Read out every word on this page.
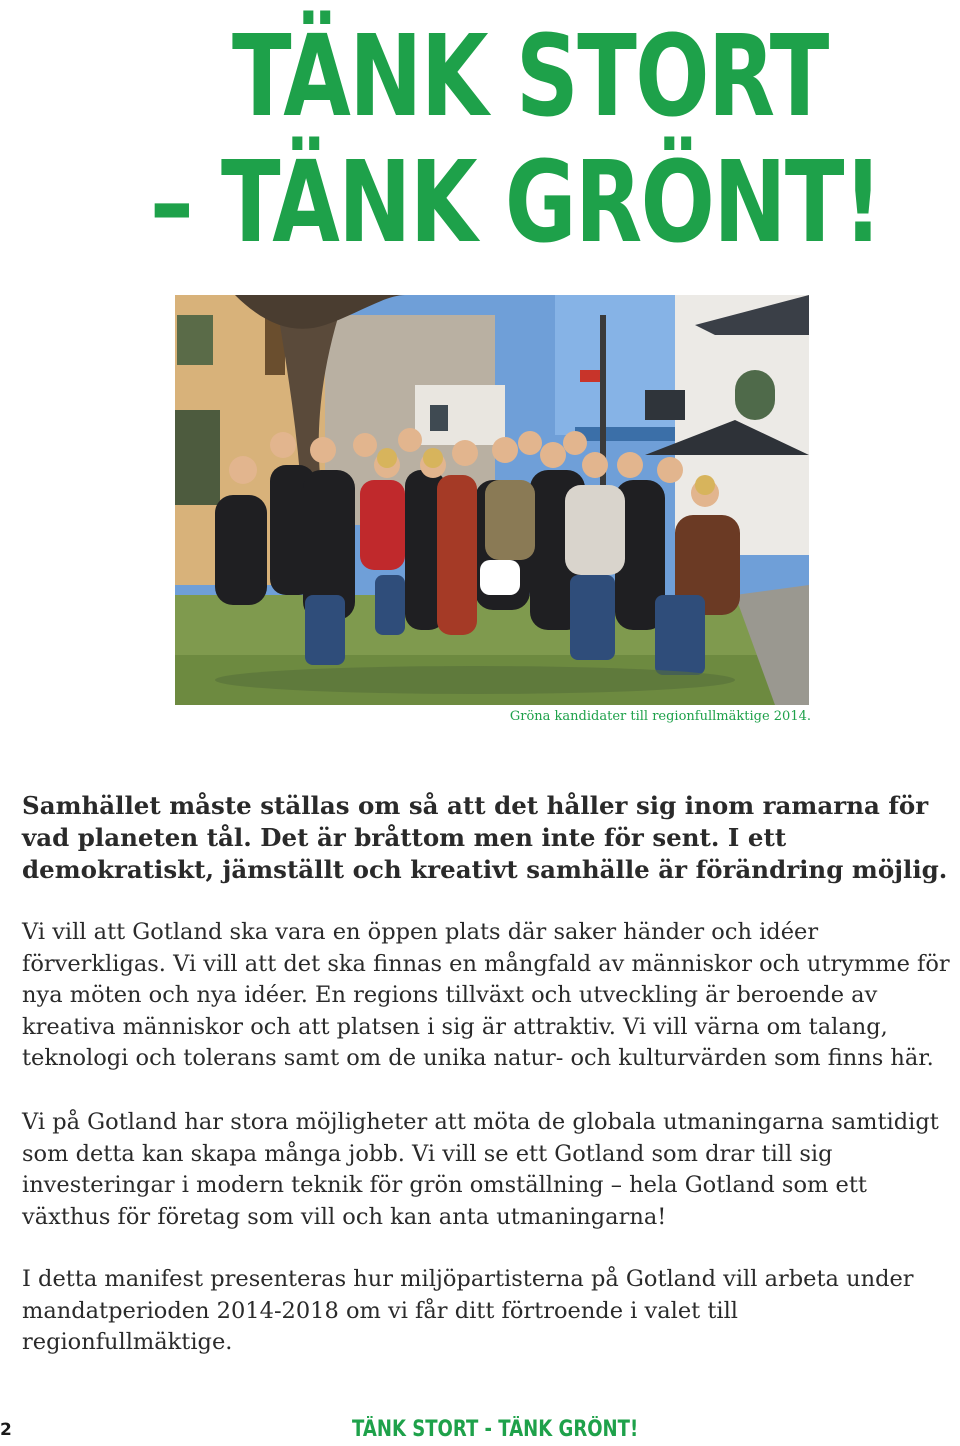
TÄNK STORT
– TÄNK GRÖNT!
Gröna kandidater till regionfullmäktige 2014.

Samhället måste ställas om så att det håller sig inom ramarna för vad planeten tål. Det är bråttom men inte för sent. I ett demokratiskt, jämställt och kreativt samhälle är förändring möjlig.

Vi vill att Gotland ska vara en öppen plats där saker händer och idéer förverkligas. Vi vill att det ska finnas en mångfald av människor och utrymme för nya möten och nya idéer. En regions tillväxt och utveckling är beroende av kreativa människor och att platsen i sig är attraktiv. Vi vill värna om talang, teknologi och tolerans samt om de unika natur- och kulturvärden som finns här.

Vi på Gotland har stora möjligheter att möta de globala utmaningarna samtidigt som detta kan skapa många jobb. Vi vill se ett Gotland som drar till sig investeringar i modern teknik för grön omställning – hela Gotland som ett växthus för företag som vill och kan anta utmaningarna!

I detta manifest presenteras hur miljöpartisterna på Gotland vill arbeta under mandatperioden 2014-2018 om vi får ditt förtroende i valet till regionfullmäktige.

2	TÄNK STORT - TÄNK GRÖNT!
